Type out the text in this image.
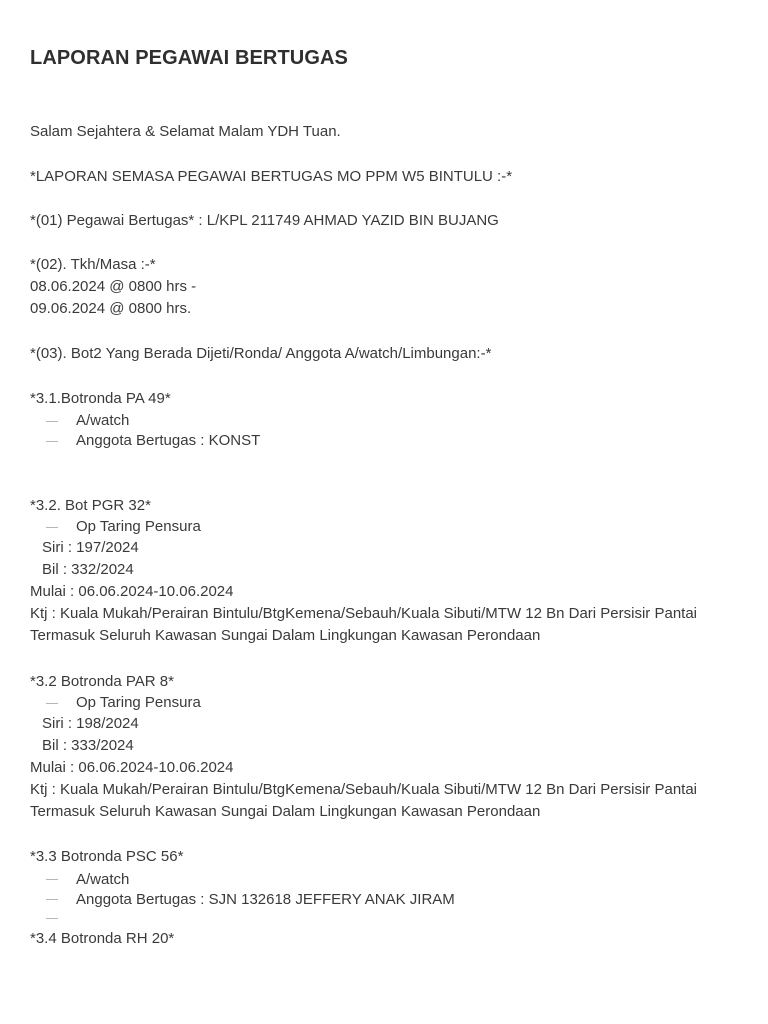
LAPORAN PEGAWAI BERTUGAS
Salam Sejahtera & Selamat Malam YDH Tuan.
*LAPORAN SEMASA PEGAWAI BERTUGAS MO PPM W5 BINTULU :-*
*(01) Pegawai Bertugas* : L/KPL 211749 AHMAD YAZID BIN BUJANG
*(02). Tkh/Masa :-*
08.06.2024 @ 0800 hrs -
09.06.2024 @ 0800 hrs.
*(03). Bot2 Yang Berada Dijeti/Ronda/ Anggota A/watch/Limbungan:-*
*3.1.Botronda PA 49*
A/watch
Anggota Bertugas : KONST
*3.2. Bot PGR 32*
Op Taring Pensura
Siri : 197/2024
Bil : 332/2024
Mulai : 06.06.2024-10.06.2024
Ktj : Kuala Mukah/Perairan Bintulu/BtgKemena/Sebauh/Kuala Sibuti/MTW 12 Bn Dari Persisir Pantai Termasuk Seluruh Kawasan Sungai Dalam Lingkungan Kawasan Perondaan
*3.2 Botronda PAR 8*
Op Taring Pensura
Siri : 198/2024
Bil : 333/2024
Mulai : 06.06.2024-10.06.2024
Ktj : Kuala Mukah/Perairan Bintulu/BtgKemena/Sebauh/Kuala Sibuti/MTW 12 Bn Dari Persisir Pantai Termasuk Seluruh Kawasan Sungai Dalam Lingkungan Kawasan Perondaan
*3.3 Botronda PSC 56*
A/watch
Anggota Bertugas : SJN 132618 JEFFERY ANAK JIRAM
*3.4 Botronda RH 20*
